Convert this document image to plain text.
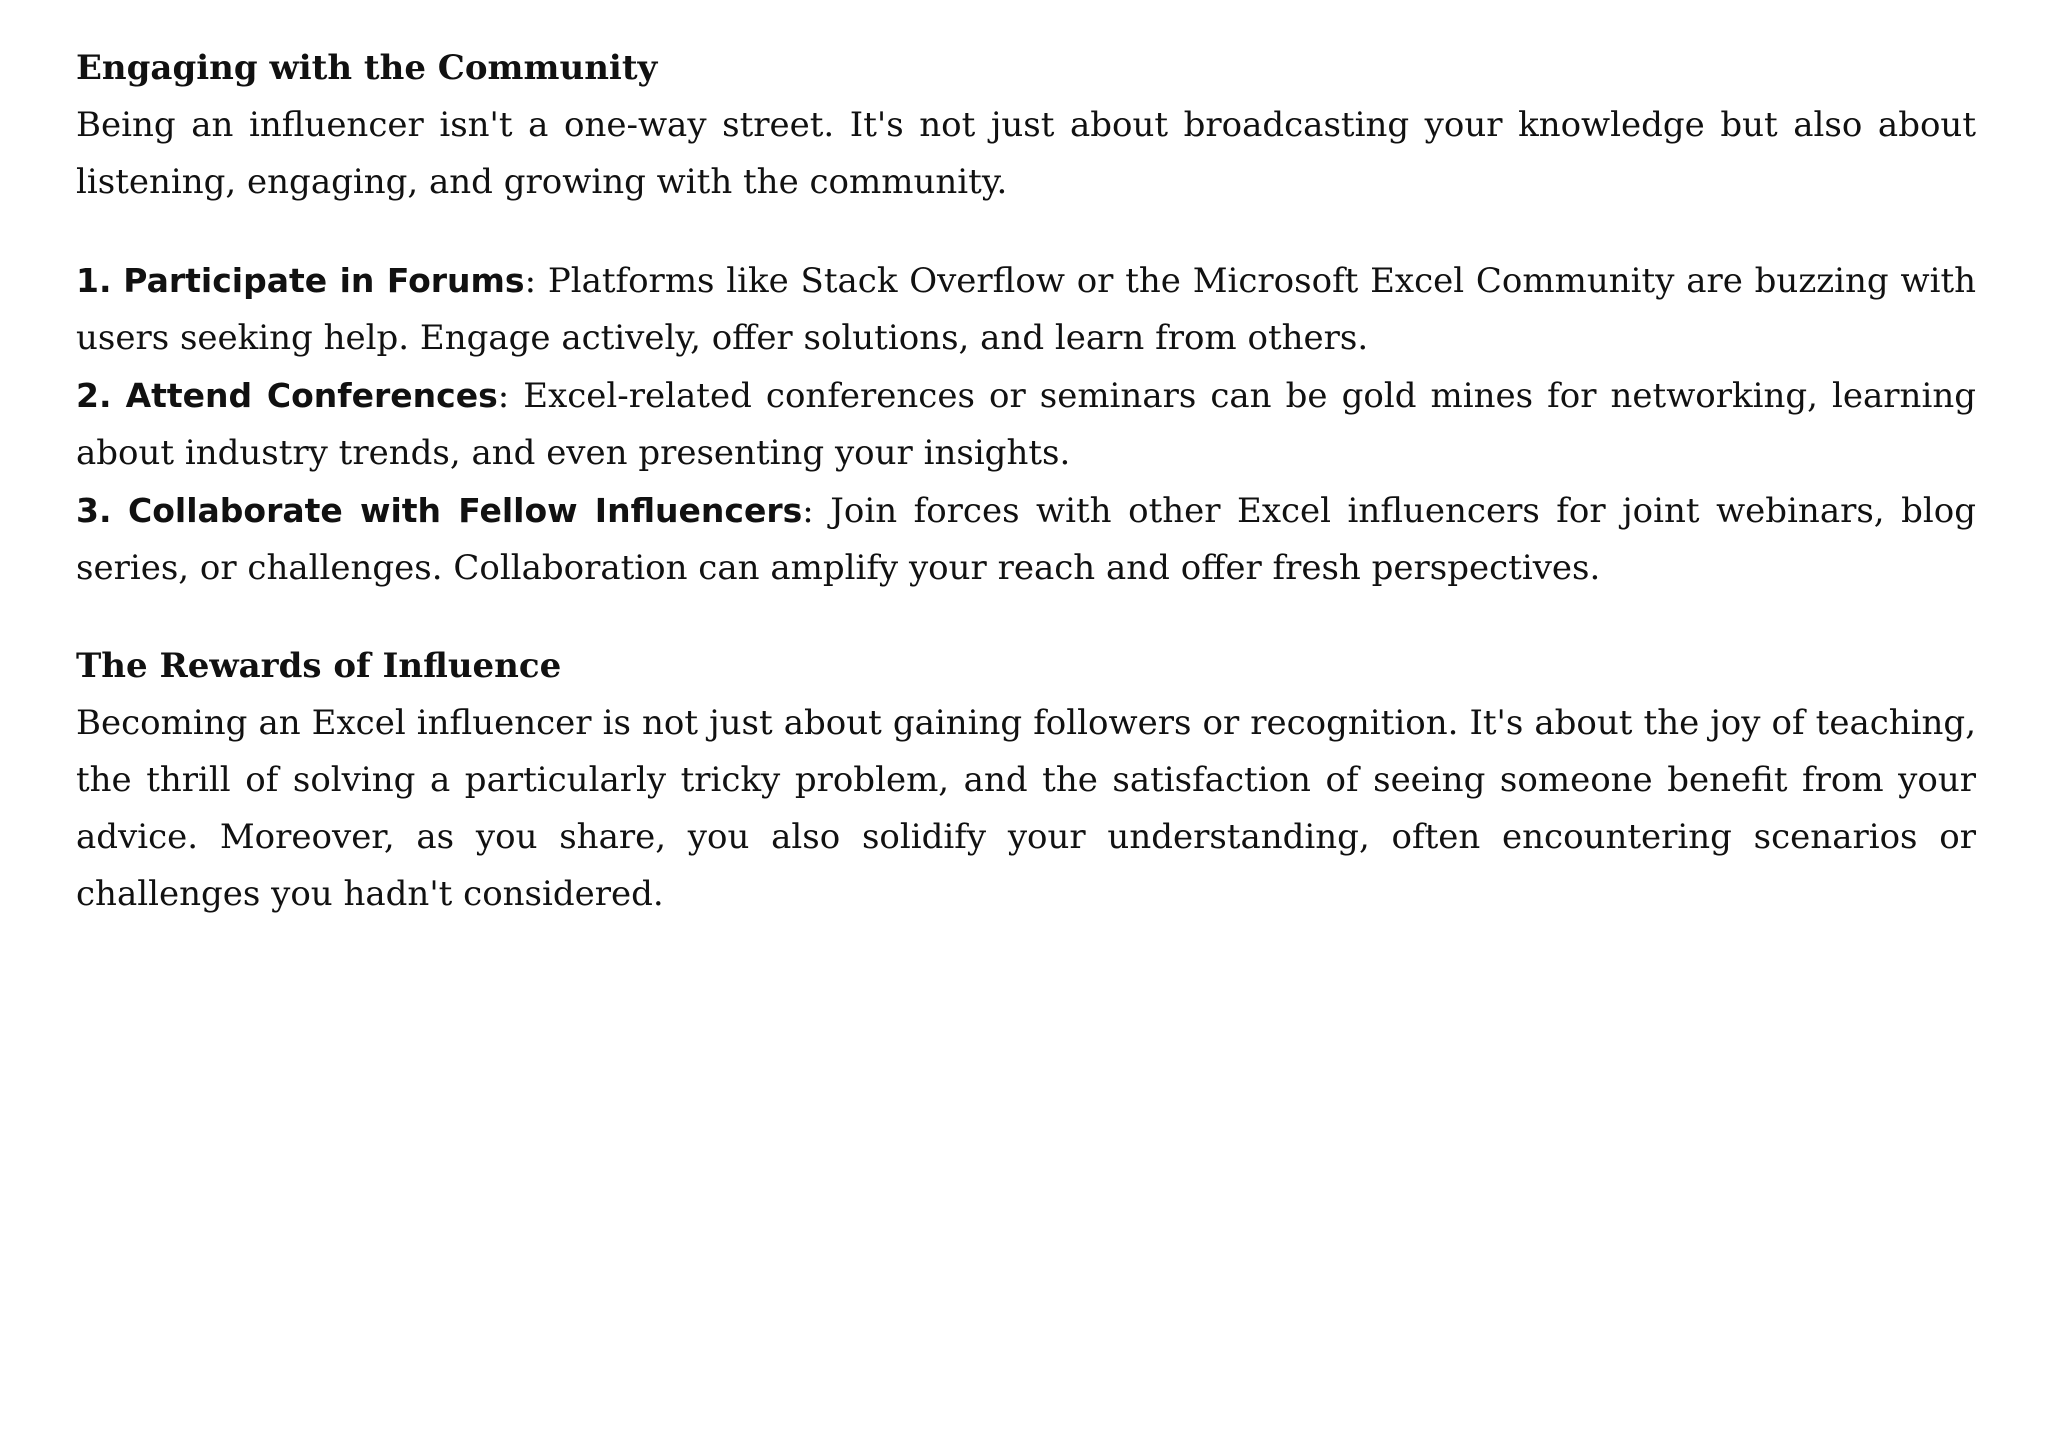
Engaging with the Community

Being an influencer isn't a one-way street. It's not just about broadcasting your knowledge but also about listening, engaging, and growing with the community.

1. Participate in Forums: Platforms like Stack Overflow or the Microsoft Excel Community are buzzing with users seeking help. Engage actively, offer solutions, and learn from others.

2. Attend Conferences: Excel-related conferences or seminars can be gold mines for networking, learning about industry trends, and even presenting your insights.

3. Collaborate with Fellow Influencers: Join forces with other Excel influencers for joint webinars, blog series, or challenges. Collaboration can amplify your reach and offer fresh perspectives.

The Rewards of Influence

Becoming an Excel influencer is not just about gaining followers or recognition. It's about the joy of teaching, the thrill of solving a particularly tricky problem, and the satisfaction of seeing someone benefit from your advice. Moreover, as you share, you also solidify your understanding, often encountering scenarios or challenges you hadn't considered.
